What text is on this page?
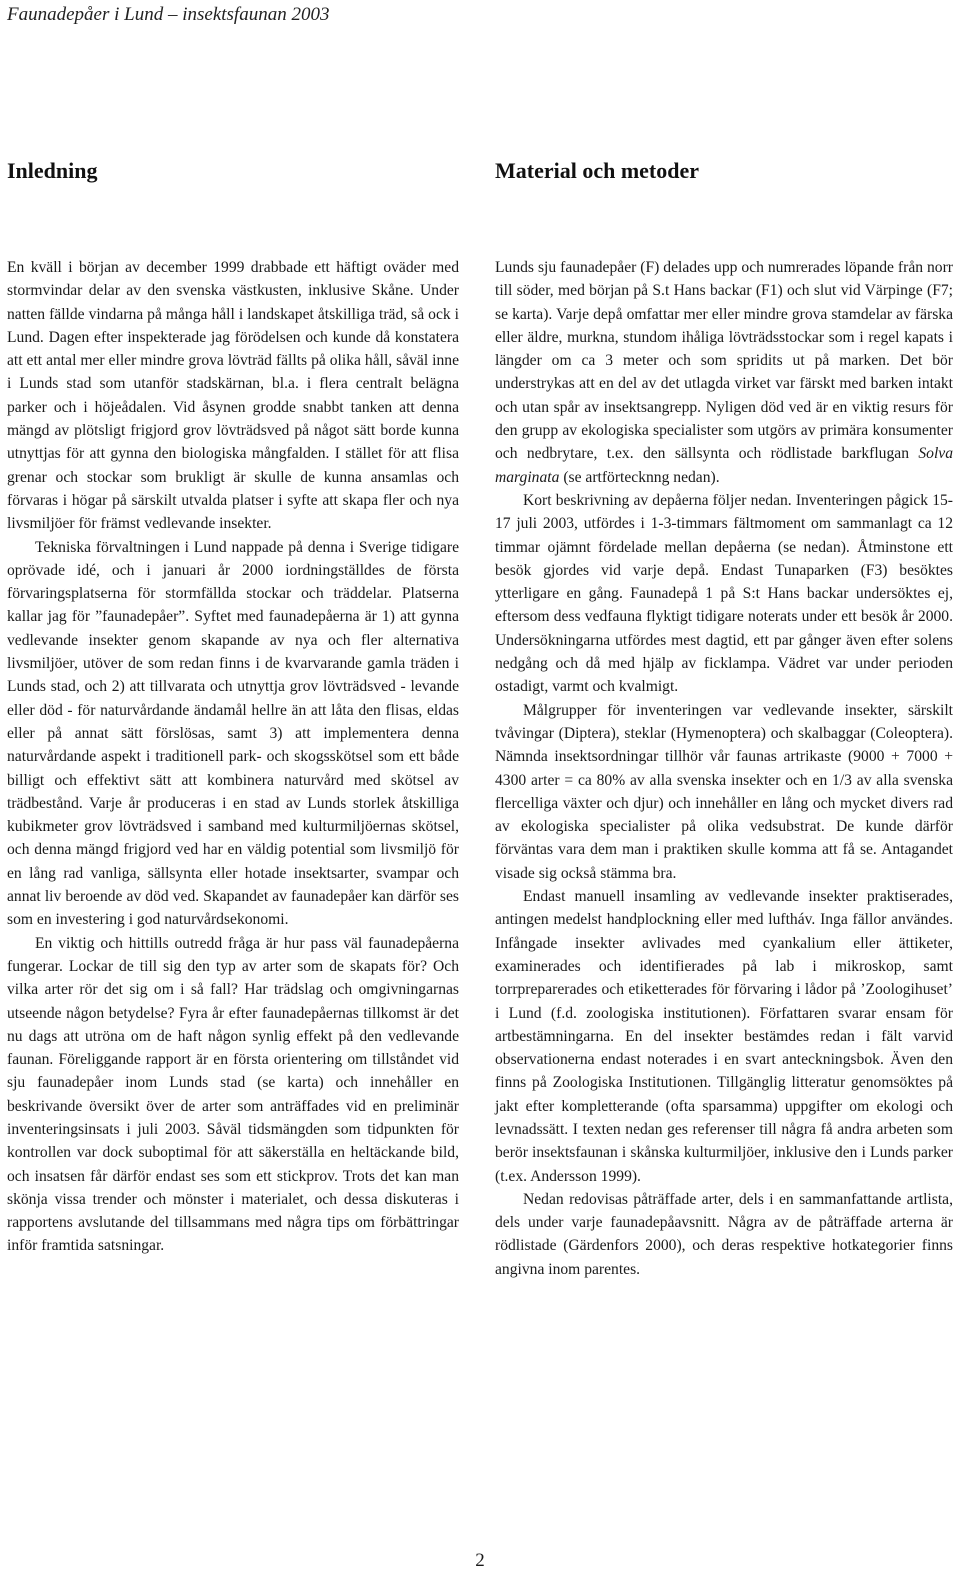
Faunadepåer i Lund – insektsfaunan 2003
Inledning

En kväll i början av december 1999 drabbade ett häftigt oväder med stormvindar delar av den svenska västkusten, inklusive Skåne. Under natten fällde vindarna på många håll i landskapet åtskilliga träd, så ock i Lund. Dagen efter inspekterade jag förödelsen och kunde då konstatera att ett antal mer eller mindre grova lövträd fällts på olika håll, såväl inne i Lunds stad som utanför stadskärnan, bl.a. i flera centralt belägna parker och i höjeådalen. Vid åsynen grodde snabbt tanken att denna mängd av plötsligt frigjord grov lövträdsved på något sätt borde kunna utnyttjas för att gynna den biologiska mångfalden. I stället för att flisa grenar och stockar som brukligt är skulle de kunna ansamlas och förvaras i högar på särskilt utvalda platser i syfte att skapa fler och nya livsmiljöer för främst vedlevande insekter.

Tekniska förvaltningen i Lund nappade på denna i Sverige tidigare oprövade idé, och i januari år 2000 iordningställdes de första förvaringsplatserna för stormfällda stockar och träddelar. Platserna kallar jag för ”faunadepåer”. Syftet med faunadepåerna är 1) att gynna vedlevande insekter genom skapande av nya och fler alternativa livsmiljöer, utöver de som redan finns i de kvarvarande gamla träden i Lunds stad, och 2) att tillvarata och utnyttja grov lövträdsved - levande eller död - för naturvårdande ändamål hellre än att låta den flisas, eldas eller på annat sätt förslösas, samt 3) att implementera denna naturvårdande aspekt i traditionell park- och skogsskötsel som ett både billigt och effektivt sätt att kombinera naturvård med skötsel av trädbestånd. Varje år produceras i en stad av Lunds storlek åtskilliga kubikmeter grov lövträdsved i samband med kulturmiljöernas skötsel, och denna mängd frigjord ved har en väldig potential som livsmiljö för en lång rad vanliga, sällsynta eller hotade insektsarter, svampar och annat liv beroende av död ved. Skapandet av faunadepåer kan därför ses som en investering i god naturvårdsekonomi.

En viktig och hittills outredd fråga är hur pass väl faunadepåerna fungerar. Lockar de till sig den typ av arter som de skapats för? Och vilka arter rör det sig om i så fall? Har trädslag och omgivningarnas utseende någon betydelse? Fyra år efter faunadepåernas tillkomst är det nu dags att utröna om de haft någon synlig effekt på den vedlevande faunan. Föreliggande rapport är en första orientering om tillståndet vid sju faunadepåer inom Lunds stad (se karta) och innehåller en beskrivande översikt över de arter som anträffades vid en preliminär inventeringsinsats i juli 2003. Såväl tidsmängden som tidpunkten för kontrollen var dock suboptimal för att säkerställa en heltäckande bild, och insatsen får därför endast ses som ett stickprov. Trots det kan man skönja vissa trender och mönster i materialet, och dessa diskuteras i rapportens avslutande del tillsammans med några tips om förbättringar inför framtida satsningar.

Material och metoder

Lunds sju faunadepåer (F) delades upp och numrerades löpande från norr till söder, med början på S.t Hans backar (F1) och slut vid Värpinge (F7; se karta). Varje depå omfattar mer eller mindre grova stamdelar av färska eller äldre, murkna, stundom ihåliga lövträdsstockar som i regel kapats i längder om ca 3 meter och som spridits ut på marken. Det bör understrykas att en del av det utlagda virket var färskt med barken intakt och utan spår av insektsangrepp. Nyligen död ved är en viktig resurs för den grupp av ekologiska specialister som utgörs av primära konsumenter och nedbrytare, t.ex. den sällsynta och rödlistade barkflugan Solva marginata (se artförtecknng nedan).

Kort beskrivning av depåerna följer nedan. Inventeringen pågick 15-17 juli 2003, utfördes i 1-3-timmars fältmoment om sammanlagt ca 12 timmar ojämnt fördelade mellan depåerna (se nedan). Åtminstone ett besök gjordes vid varje depå. Endast Tunaparken (F3) besöktes ytterligare en gång. Faunadepå 1 på S:t Hans backar undersöktes ej, eftersom dess vedfauna flyktigt tidigare noterats under ett besök år 2000. Undersökningarna utfördes mest dagtid, ett par gånger även efter solens nedgång och då med hjälp av ficklampa. Vädret var under perioden ostadigt, varmt och kvalmigt.

Målgrupper för inventeringen var vedlevande insekter, särskilt tvåvingar (Diptera), steklar (Hymenoptera) och skalbaggar (Coleoptera). Nämnda insektsordningar tillhör vår faunas artrikaste (9000 + 7000 + 4300 arter = ca 80% av alla svenska insekter och en 1/3 av alla svenska flercelliga växter och djur) och innehåller en lång och mycket divers rad av ekologiska specialister på olika vedsubstrat. De kunde därför förväntas vara dem man i praktiken skulle komma att få se. Antagandet visade sig också stämma bra.

Endast manuell insamling av vedlevande insekter praktiserades, antingen medelst handplockning eller med luftháv. Inga fällor användes. Infångade insekter avlivades med cyankalium eller ättiketer, examinerades och identifierades på lab i mikroskop, samt torrpreparerades och etiketterades för förvaring i lådor på ’Zoologihuset’ i Lund (f.d. zoologiska institutionen). Författaren svarar ensam för artbestämningarna. En del insekter bestämdes redan i fält varvid observationerna endast noterades i en svart anteckningsbok. Även den finns på Zoologiska Institutionen. Tillgänglig litteratur genomsöktes på jakt efter kompletterande (ofta sparsamma) uppgifter om ekologi och levnadssätt. I texten nedan ges referenser till några få andra arbeten som berör insektsfaunan i skånska kulturmiljöer, inklusive den i Lunds parker (t.ex. Andersson 1999).

Nedan redovisas påträffade arter, dels i en sammanfattande artlista, dels under varje faunadepåavsnitt. Några av de påträffade arterna är rödlistade (Gärdenfors 2000), och deras respektive hotkategorier finns angivna inom parentes.

2
